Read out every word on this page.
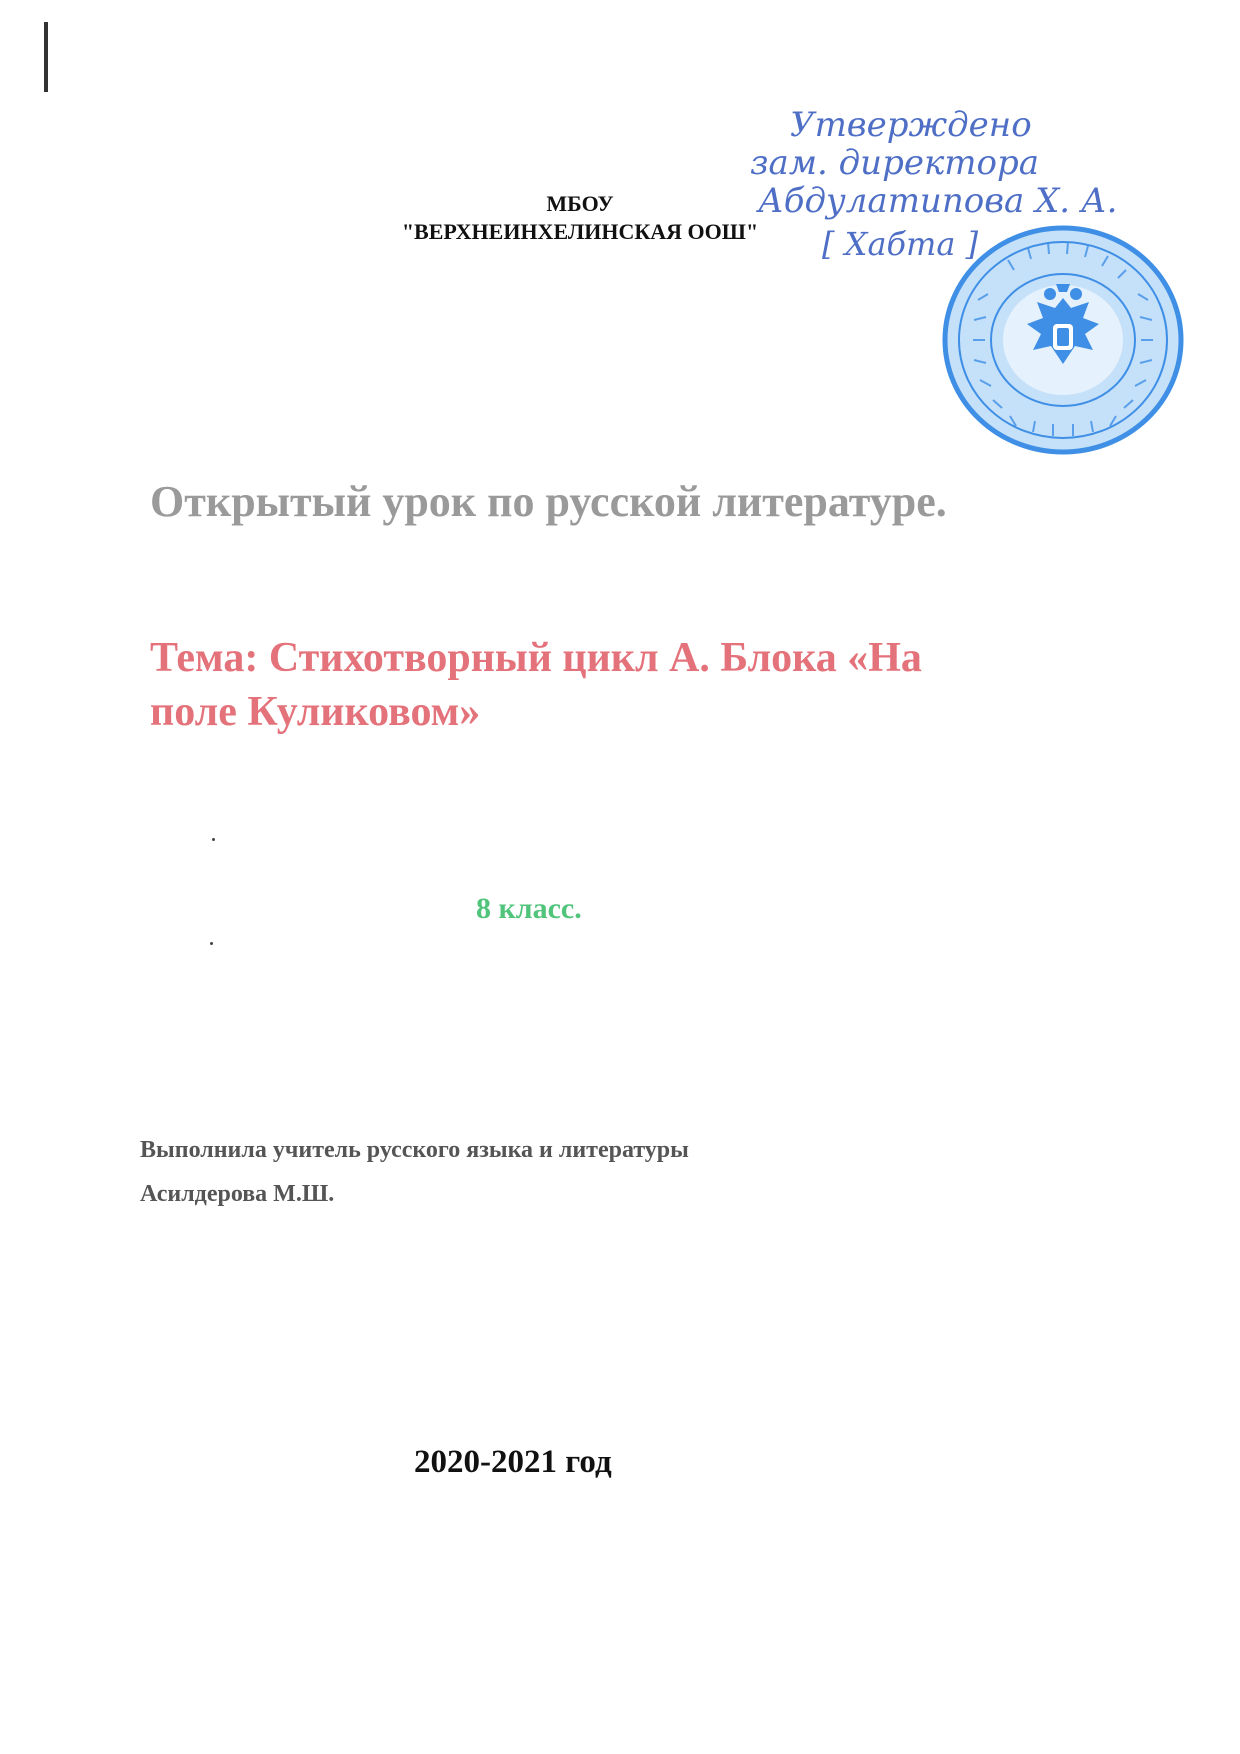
МБОУ
"ВЕРХНЕИНХЕЛИНСКАЯ ООШ"
Утверждено
зам. директора
Абдулатипова Х. А.
[ Хабта ]
Открытый урок по русской литературе.
Тема: Стихотворный цикл А. Блока «На
поле Куликовом»
8 класс.
Выполнила учитель русского языка и литературы
Асилдерова М.Ш.
2020-2021 год
